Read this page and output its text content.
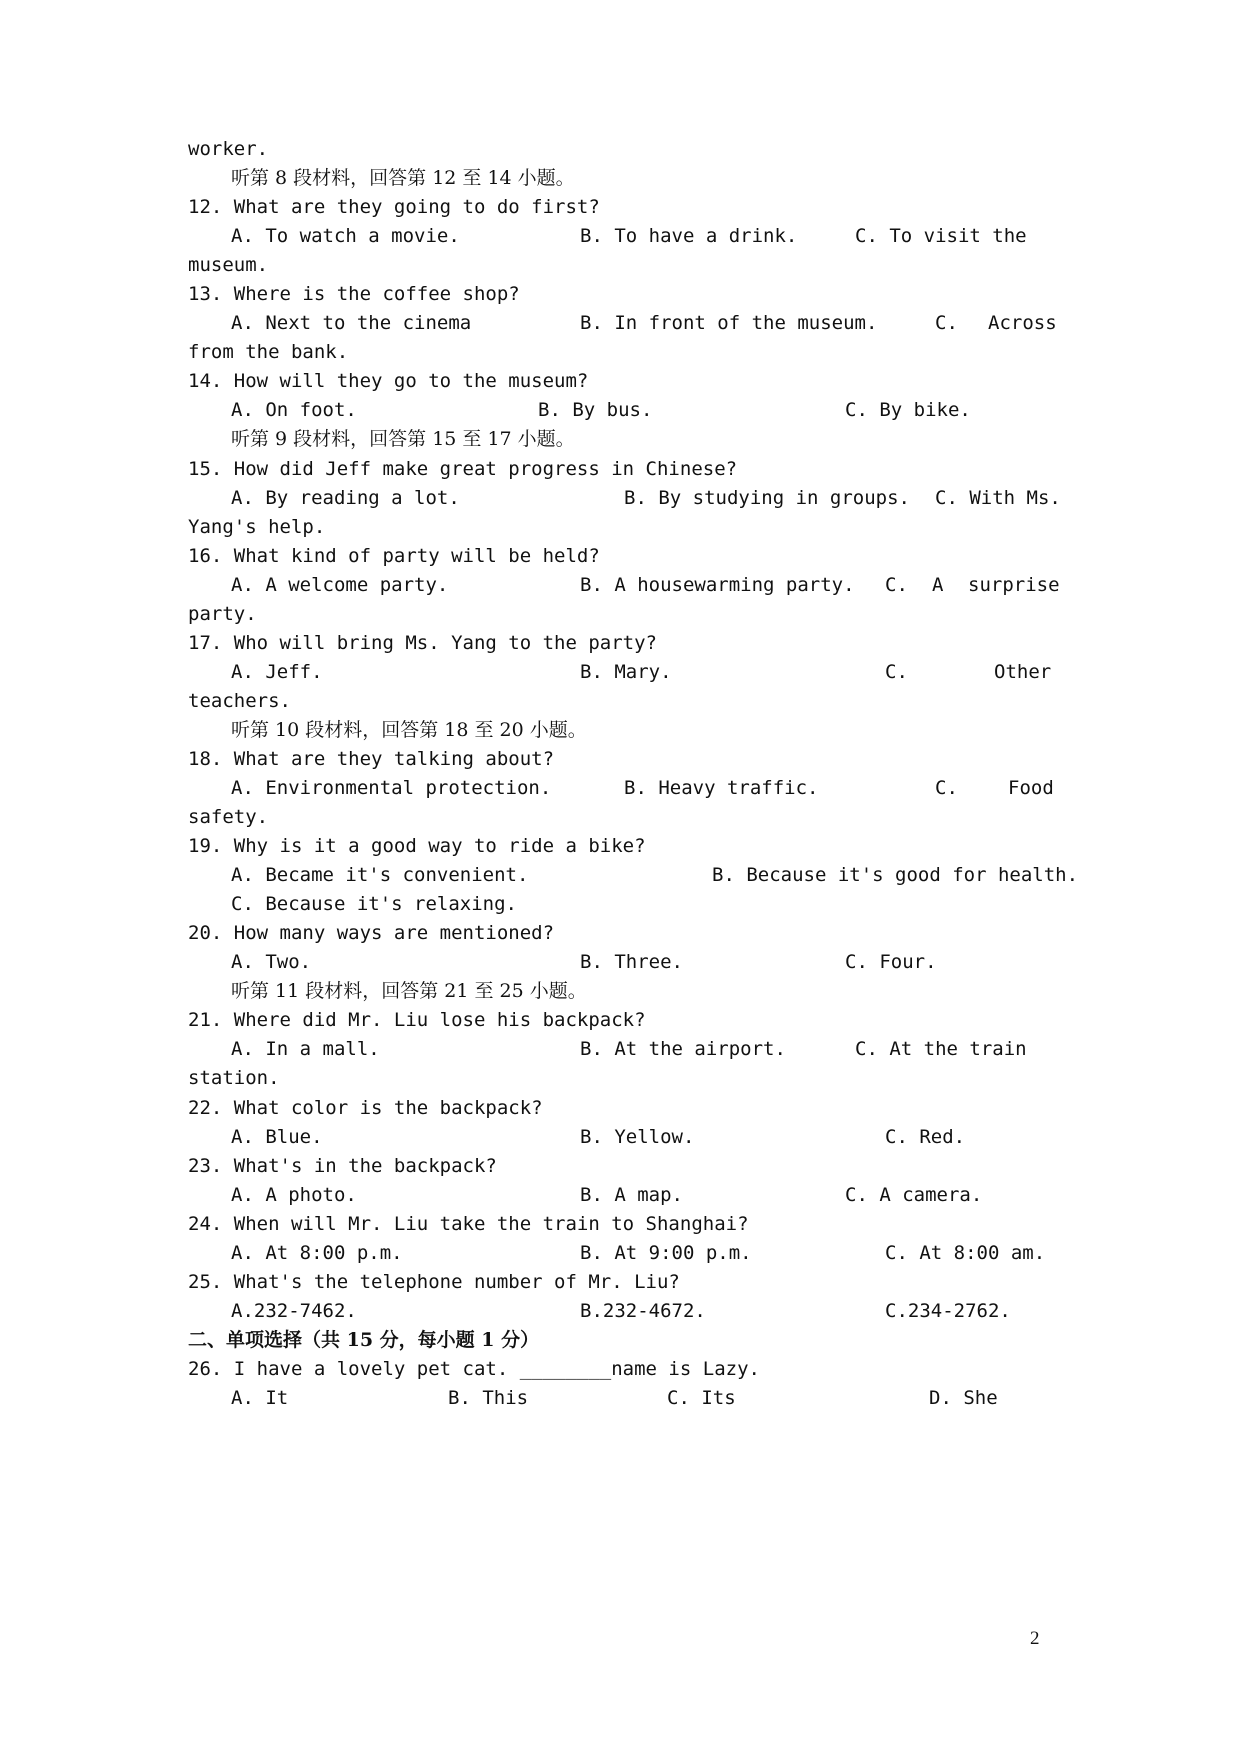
worker.
听第 8 段材料，回答第 12 至 14 小题。
12. What are they going to do first?

A. To watch a movie.

	B. To have a drink.

	C. To visit the

museum.
13. Where is the coffee shop?

A. Next to the cinema

	B. In front of the museum.

	C.

Across

from the bank.
14. How will they go to the museum?

A. On foot.

	B. By bus.

	C. By bike.

听第 9 段材料，回答第 15 至 17 小题。
15. How did Jeff make great progress in Chinese?

A. By reading a lot.

	B. By studying in groups.

C. With Ms.

Yang's help.
16. What kind of party will be held?

A. A welcome party.

	B. A housewarming party.

C.

A

surprise

party.
17. Who will bring Ms. Yang to the party?

A. Jeff.

	B. Mary.

	C.

	Other

teachers.
听第 10 段材料，回答第 18 至 20 小题。
18. What are they talking about?

A. Environmental protection.

	B. Heavy traffic.

	C.

	Food

safety.
19. Why is it a good way to ride a bike?

A. Became it's convenient.

	B. Because it's good for health.

C. Because it's relaxing.
20. How many ways are mentioned?

A. Two.

	B. Three.

	C. Four.

听第 11 段材料，回答第 21 至 25 小题。
21. Where did Mr. Liu lose his backpack?

A. In a mall.

	B. At the airport.

	C. At the train

station.
22. What color is the backpack?

A. Blue.

	B. Yellow.

	C. Red.

23. What's in the backpack?

A. A photo.

	B. A map.

	C. A camera.

24. When will Mr. Liu take the train to Shanghai?

A. At 8:00 p.m.

	B. At 9:00 p.m.

	C. At 8:00 am.

25. What's the telephone number of Mr. Liu?

A.232-7462.

	B.232-4672.

	C.234-2762.

二、单项选择（共 15 分，每小题 1 分）
26. I have a lovely pet cat. ________name is Lazy.

A. It

	B. This

	C. Its

	D. She

2
